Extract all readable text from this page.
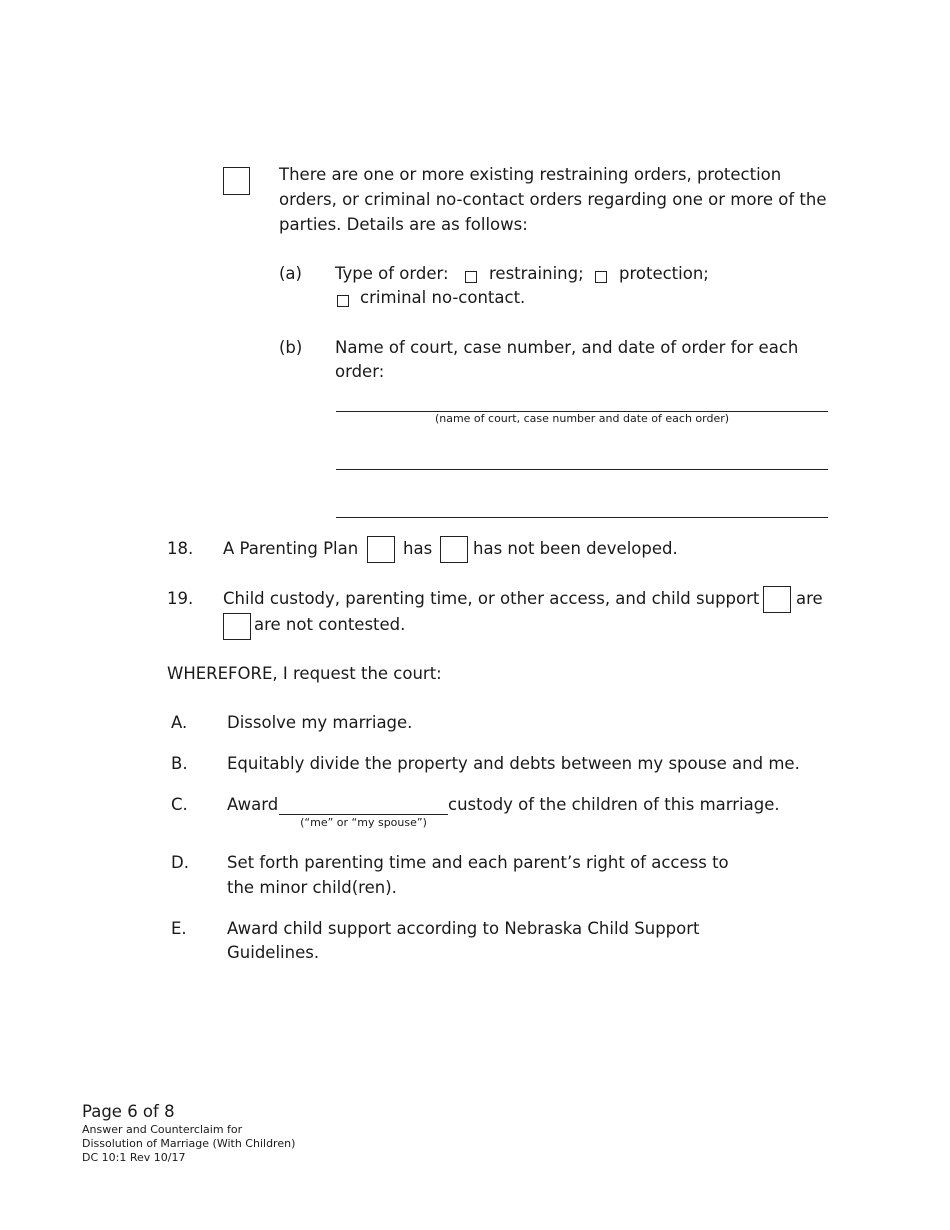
There are one or more existing restraining orders, protection
orders, or criminal no-contact orders regarding one or more of the
parties. Details are as follows:
(a) Type of order: restraining; protection;
criminal no-contact.
(b) Name of court, case number, and date of order for each
order:
(name of court, case number and date of each order)
18. A Parenting Plan	has has not been developed.
19. Child custody, parenting time, or other access, and child support are
are not contested.
WHEREFORE, I request the court:
A. Dissolve my marriage.
B. Equitably divide the property and debts between my spouse and me.
C. Award
(“me” or “my spouse”)
custody of the children of this marriage.
D. Set forth parenting time and each parent’s right of access to
the minor child(ren).
E. Award child support according to Nebraska Child Support
Guidelines.
Page 6 of 8
Answer and Counterclaim for
Dissolution of Marriage (With Children)
DC 10:1 Rev 10/17
